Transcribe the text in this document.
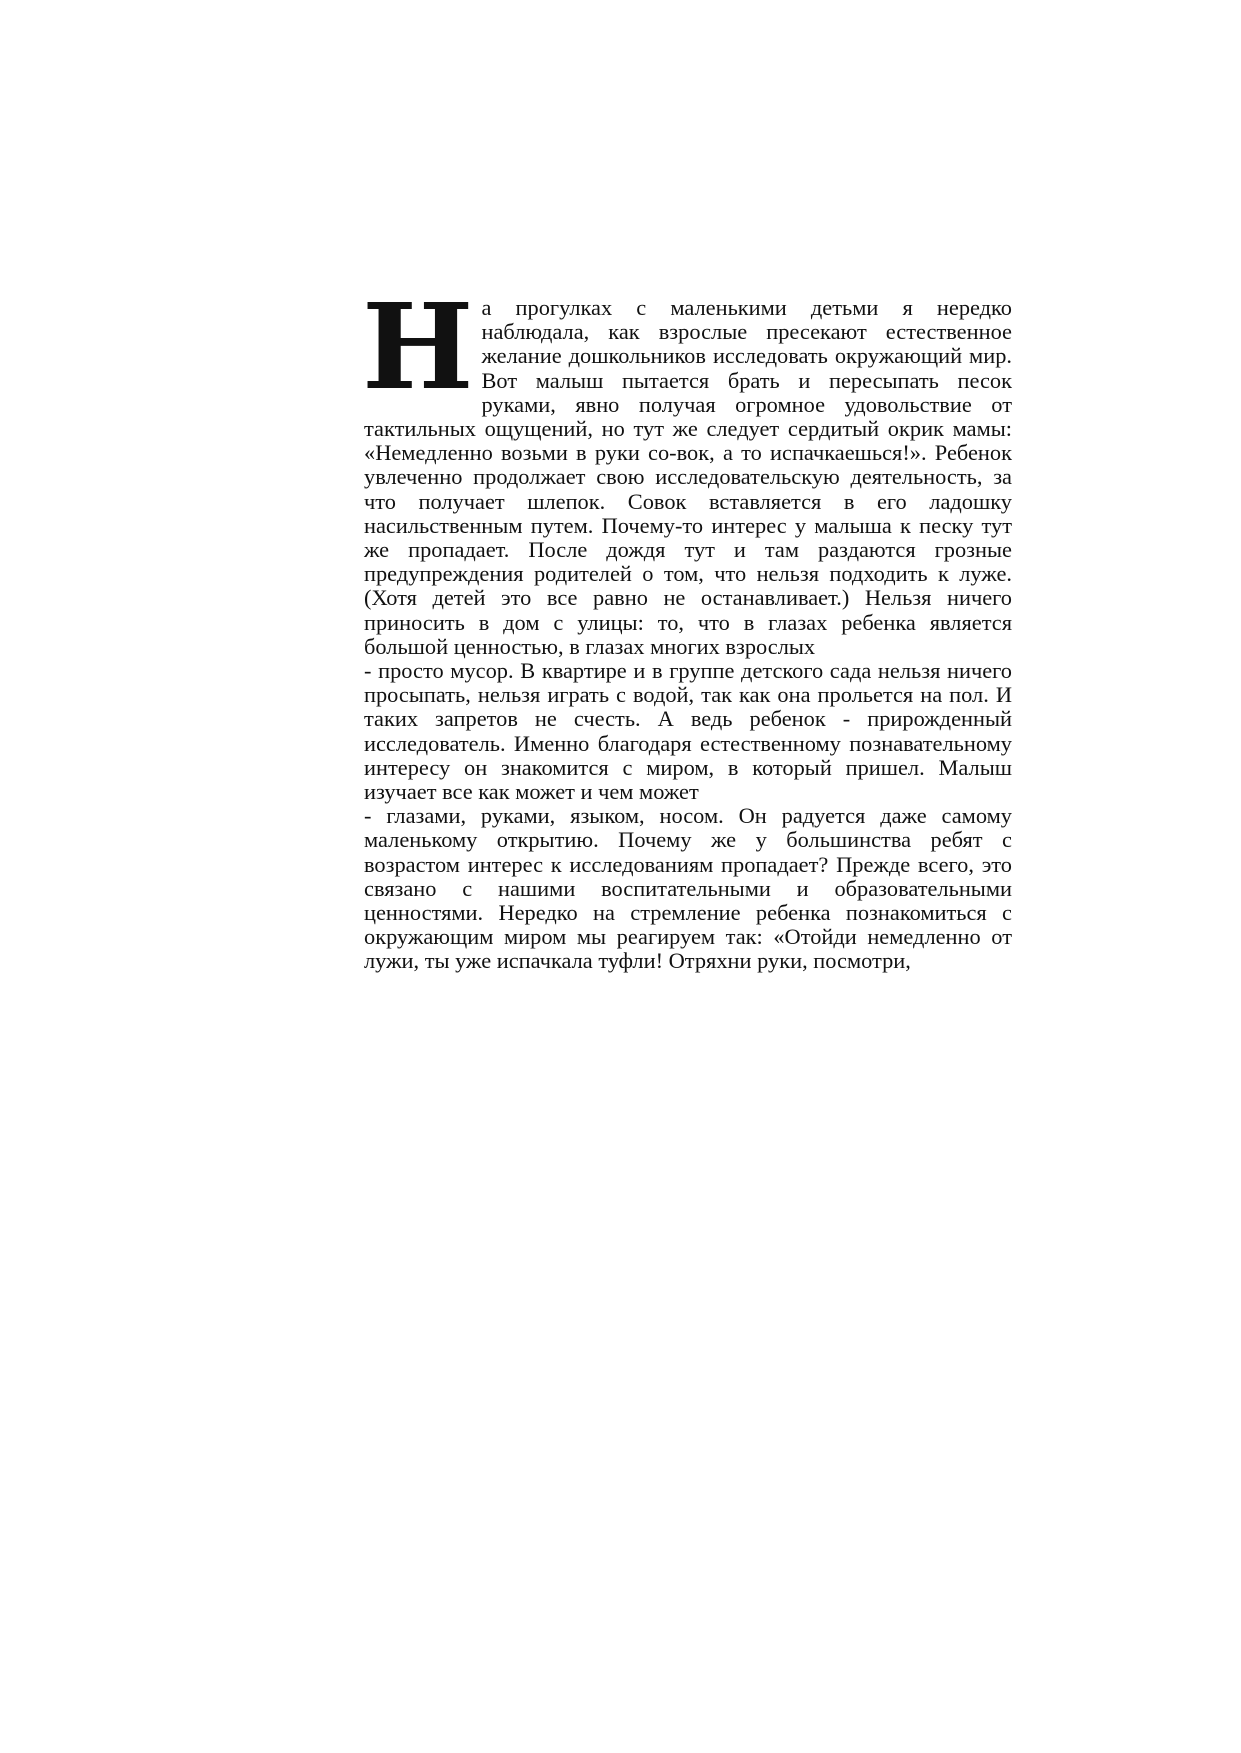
На прогулках с маленькими детьми я нередко наблюдала, как взрослые пресекают естественное желание дошкольников исследовать окружающий мир. Вот малыш пытается брать и пересыпать песок руками, явно получая огромное удовольствие от тактильных ощущений, но тут же следует сердитый окрик мамы: «Немедленно возьми в руки со-вок, а то испачкаешься!». Ребенок увлеченно продолжает свою исследовательскую деятельность, за что получает шлепок. Совок вставляется в его ладошку насильственным путем. Почему-то интерес у малыша к песку тут же пропадает. После дождя тут и там раздаются грозные предупреждения родителей о том, что нельзя подходить к луже. (Хотя детей это все равно не останавливает.) Нельзя ничего приносить в дом с улицы: то, что в глазах ребенка является большой ценностью, в глазах многих взрослых

- просто мусор. В квартире и в группе детского сада нельзя ничего просыпать, нельзя играть с водой, так как она прольется на пол. И таких запретов не счесть. А ведь ребенок - прирожденный исследователь. Именно благодаря естественному познавательному интересу он знакомится с миром, в который пришел. Малыш изучает все как может и чем может

- глазами, руками, языком, носом. Он радуется даже самому маленькому открытию. Почему же у большинства ребят с возрастом интерес к исследованиям пропадает? Прежде всего, это связано с нашими воспитательными и образовательными ценностями. Нередко на стремление ребенка познакомиться с окружающим миром мы реагируем так: «Отойди немедленно от лужи, ты уже испачкала туфли! Отряхни руки, посмотри,
